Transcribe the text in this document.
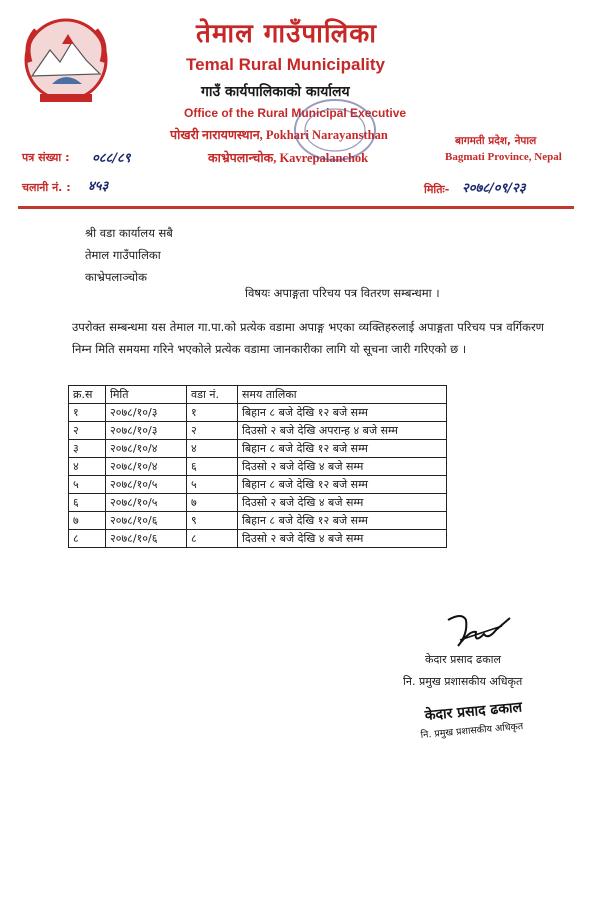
तेमाल गाउँपालिका
Temal Rural Municipality
गाउँ कार्यपालिकाको कार्यालय
Office of the Rural Municipal Executive
पोखरी नारायणस्थान, Pokhari Narayansthan
काभ्रेपलान्चोक, Kavrepalanchok
बागमती प्रदेश, नेपाल
Bagmati Province, Nepal
पत्र संख्या : ०८८/८९
चलानी नं. : ४५३	मितिः- २०७८/०९/२३
श्री वडा कार्यालय सबै
तेमाल गाउँपालिका
काभ्रेपलाञ्चोक
विषयः अपाङ्गता परिचय पत्र वितरण सम्बन्धमा ।
उपरोक्त सम्बन्धमा यस तेमाल गा.पा.को प्रत्येक वडामा अपाङ्ग भएका व्यक्तिहरुलाई अपाङ्गता परिचय पत्र वर्गिकरण निम्न मिति समयमा गरिने भएकोले प्रत्येक वडामा जानकारीका लागि यो सूचना जारी गरिएको छ ।
क्र.स	मिति	वडा नं.	समय तालिका
१	२०७८/१०/३	१	बिहान ८ बजे देखि १२ बजे सम्म
२	२०७८/१०/३	२	दिउसो २ बजे देखि अपरान्ह ४ बजे सम्म
३	२०७८/१०/४	४	बिहान ८ बजे देखि १२ बजे सम्म
४	२०७८/१०/४	६	दिउसो २ बजे देखि ४ बजे सम्म
५	२०७८/१०/५	५	बिहान ८ बजे देखि १२ बजे सम्म
६	२०७८/१०/५	७	दिउसो २ बजे देखि ४ बजे सम्म
७	२०७८/१०/६	९	बिहान ८ बजे देखि १२ बजे सम्म
८	२०७८/१०/६	८	दिउसो २ बजे देखि ४ बजे सम्म
केदार प्रसाद ढकाल
नि. प्रमुख प्रशासकीय अधिकृत
केदार प्रसाद ढकाल
नि. प्रमुख प्रशासकीय अधिकृत
